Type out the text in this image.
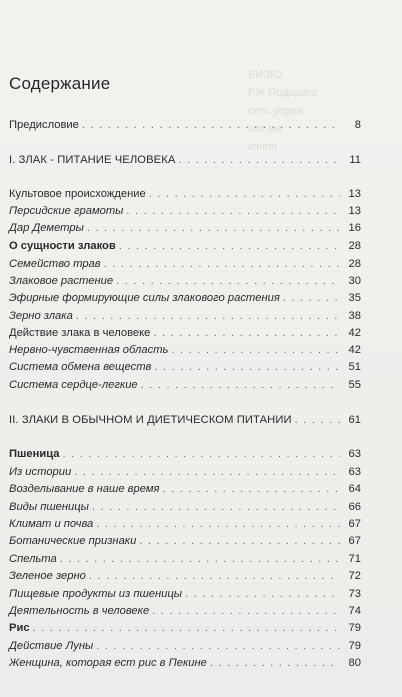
БИЗКЗ
РЖ Подорога
сеть упраж
коп ме
кпнпп
Содержание
Предисловие . . .	8
I. ЗЛАК - ПИТАНИЕ ЧЕЛОВЕКА . . .	11
Культовое происхождение . . .	13
Персидские грамоты . . .	13
Дар Деметры . . .	16
О сущности злаков . . .	28
Семейство трав . . .	28
Злаковое растение . . .	30
Эфирные формирующие силы злакового растения . . .	35
Зерно злака . . .	38
Действие злака в человеке . . .	42
Нервно-чувственная область . . .	42
Система обмена веществ . . .	51
Система сердце-легкие . . .	55
II. ЗЛАКИ В ОБЫЧНОМ И ДИЕТИЧЕСКОМ ПИТАНИИ . . .	61
Пшеница . . .	63
Из истории . . .	63
Возделывание в наше время . . .	64
Виды пшеницы . . .	66
Климат и почва . . .	67
Ботанические признаки . . .	67
Спельта . . .	71
Зеленое зерно . . .	72
Пищевые продукты из пшеницы . . .	73
Деятельность в человеке . . .	74
Рис . . .	79
Действие Луны . . .	79
Женщина, которая ест рис в Пекине . . .	80
